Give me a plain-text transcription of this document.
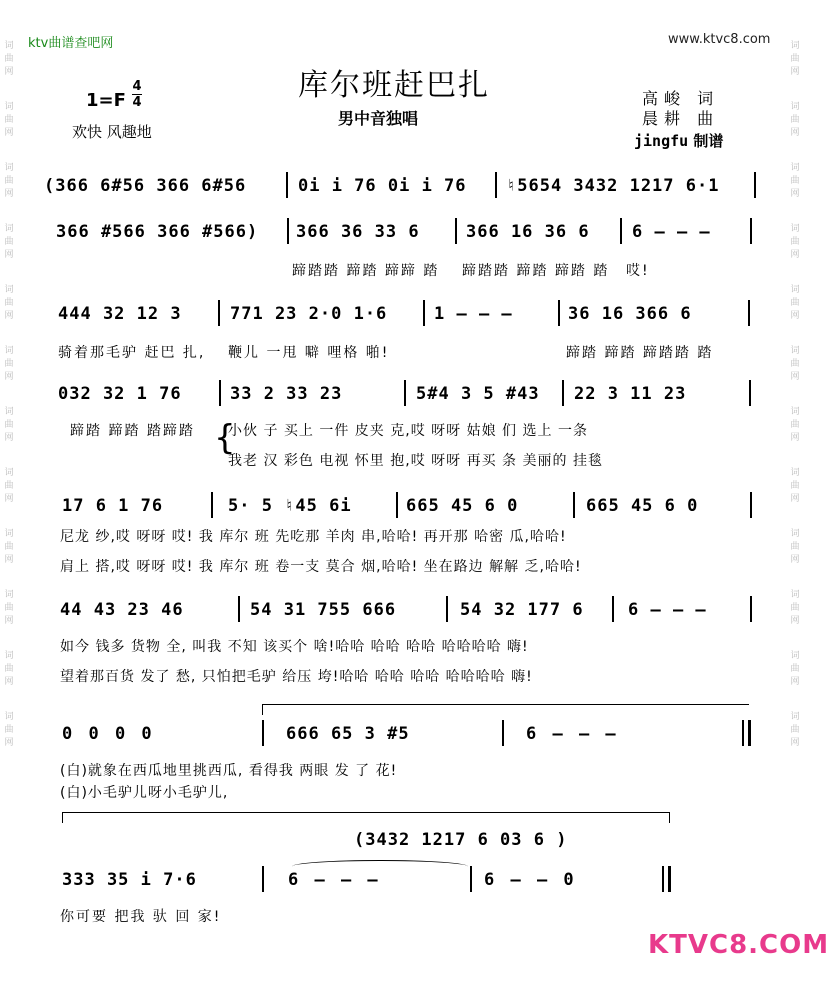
ktv曲谱查吧网	www.ktvc8.com
词曲网
词曲网
词曲网
词曲网
词曲网
词曲网
词曲网
词曲网
词曲网
词曲网
词曲网
词曲网
词曲网
词曲网
词曲网
词曲网
词曲网
词曲网
词曲网
词曲网
词曲网
词曲网
词曲网
词曲网
库尔班赶巴扎
男中音独唱
1=F
4
4
欢快 风趣地
高峻 词
晨耕 曲
jingfu 制谱
(366 6#56 366 6#56	0i i 76 0i i 76 ♮5654 3432 1217 6·1
366 #566 366 #566) 366 36 33 6	366 16 36 6 6 – – –
蹄踏踏 蹄踏 蹄蹄 踏 蹄踏踏 蹄踏 蹄踏 踏 哎!
444 32 12 3	771 23 2·0 1·6	1 – – –	36 16 366 6
骑着那毛驴 赶巴 扎, 鞭儿 一甩 噼 哩格 啪!	蹄踏 蹄踏 蹄踏踏 踏
032 32 1 76	33 2 33 23	5#4 3 5 #43 22 3 11 23
蹄踏 蹄踏 踏蹄踏 {
小伙 子 买上 一件 皮夹 克,哎 呀呀 姑娘 们 选上 一条
我老 汉 彩色 电视 怀里 抱,哎 呀呀 再买 条 美丽的 挂毯
17 6 1 76	5· 5 ♮45 6i	665 45 6 0	665 45 6 0
尼龙 纱,哎 呀呀 哎! 我 库尔 班 先吃那 羊肉 串,哈哈! 再开那 哈密 瓜,哈哈!
肩上 搭,哎 呀呀 哎! 我 库尔 班 卷一支 莫合 烟,哈哈! 坐在路边 解解 乏,哈哈!
44 43 23 46	54 31 755 666	54 32 177 6	6 – – –
如今 钱多 货物 全, 叫我 不知 该买个 啥!哈哈 哈哈 哈哈 哈哈哈哈 嗨!
望着那百货 发了 愁, 只怕把毛驴 给压 垮!哈哈 哈哈 哈哈 哈哈哈哈 嗨!
0 0 0 0	666 65 3 #5	6 – – –
(白)就象在西瓜地里挑西瓜, 看得我 两眼 发 了 花!
(白)小毛驴儿呀小毛驴儿,
(3432 1217 6 03 6 )
333 35 i 7·6	6 – – –	6 – – 0
你可要 把我 驮 回 家!
KTVC8.COM
